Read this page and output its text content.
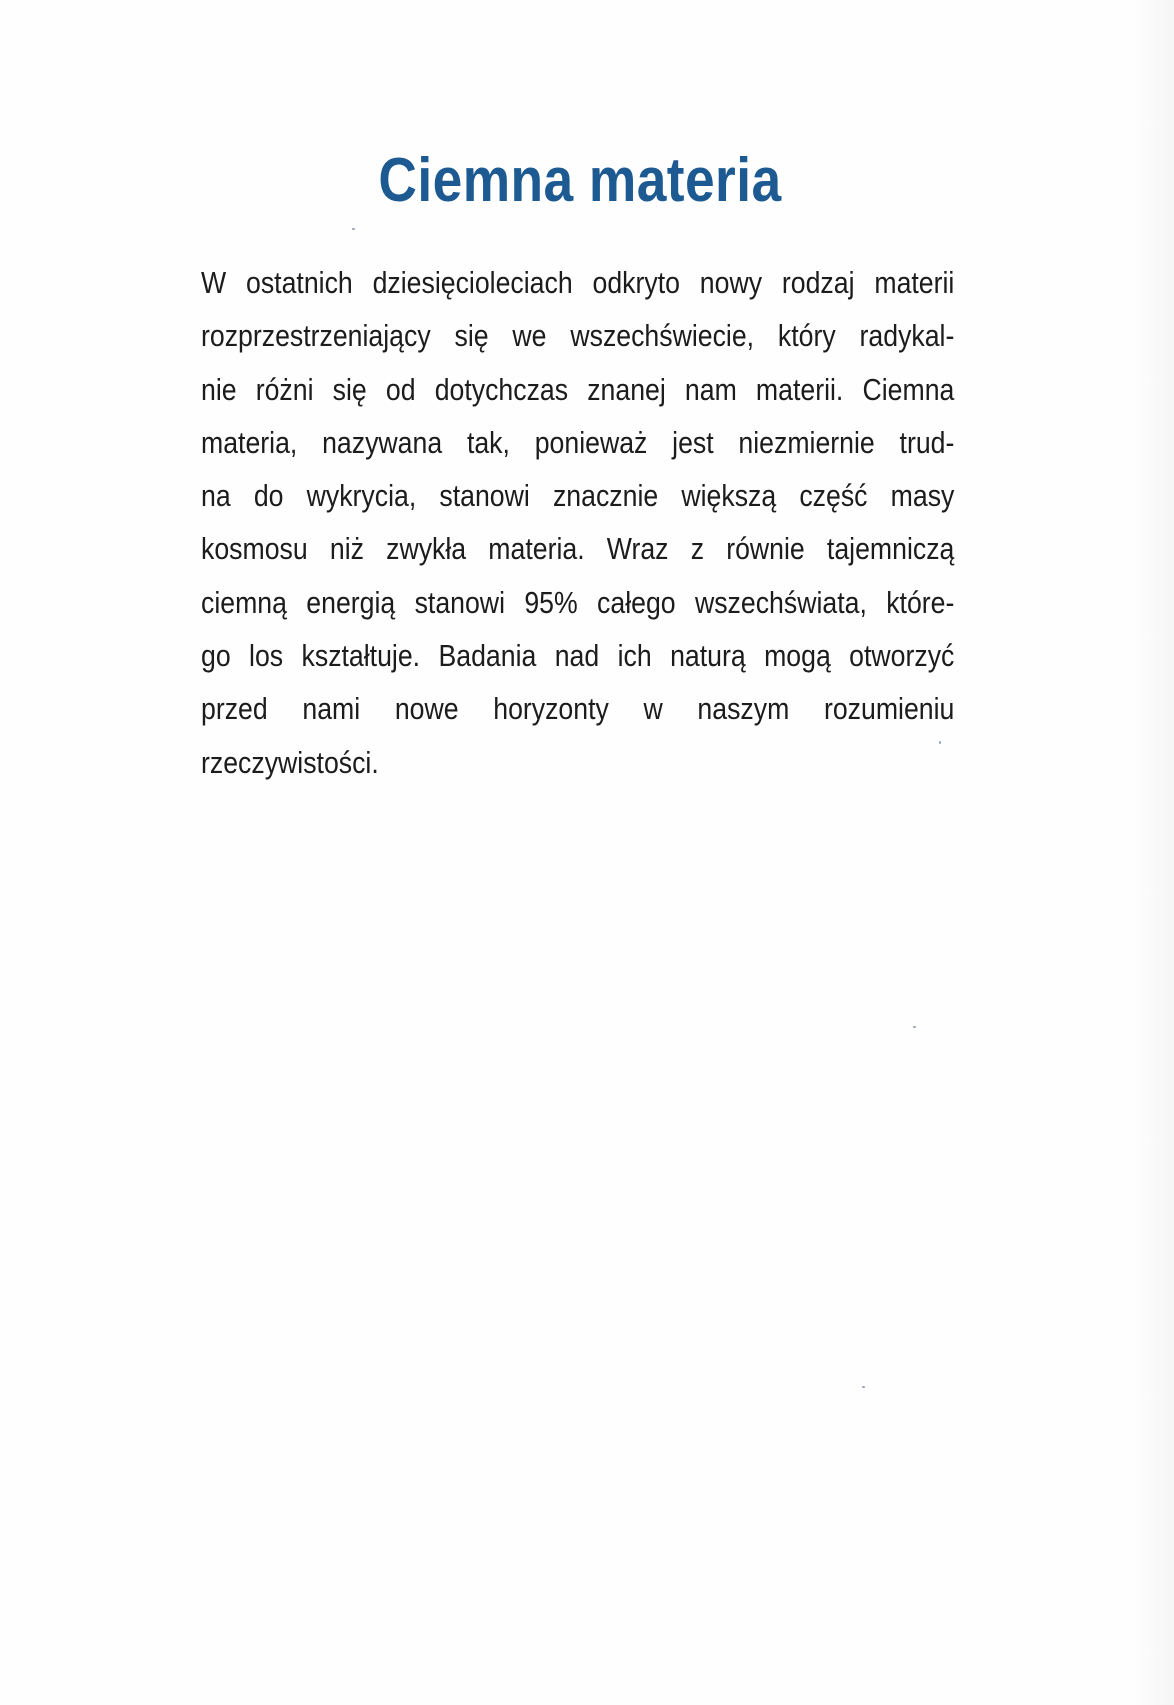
Ciemna materia
W ostatnich dziesięcioleciach odkryto nowy rodzaj materii
rozprzestrzeniający się we wszechświecie, który radykal-
nie różni się od dotychczas znanej nam materii. Ciemna
materia, nazywana tak, ponieważ jest niezmiernie trud-
na do wykrycia, stanowi znacznie większą część masy
kosmosu niż zwykła materia. Wraz z równie tajemniczą
ciemną energią stanowi 95% całego wszechświata, które-
go los kształtuje. Badania nad ich naturą mogą otworzyć
przed nami nowe horyzonty w naszym rozumieniu
rzeczywistości.
